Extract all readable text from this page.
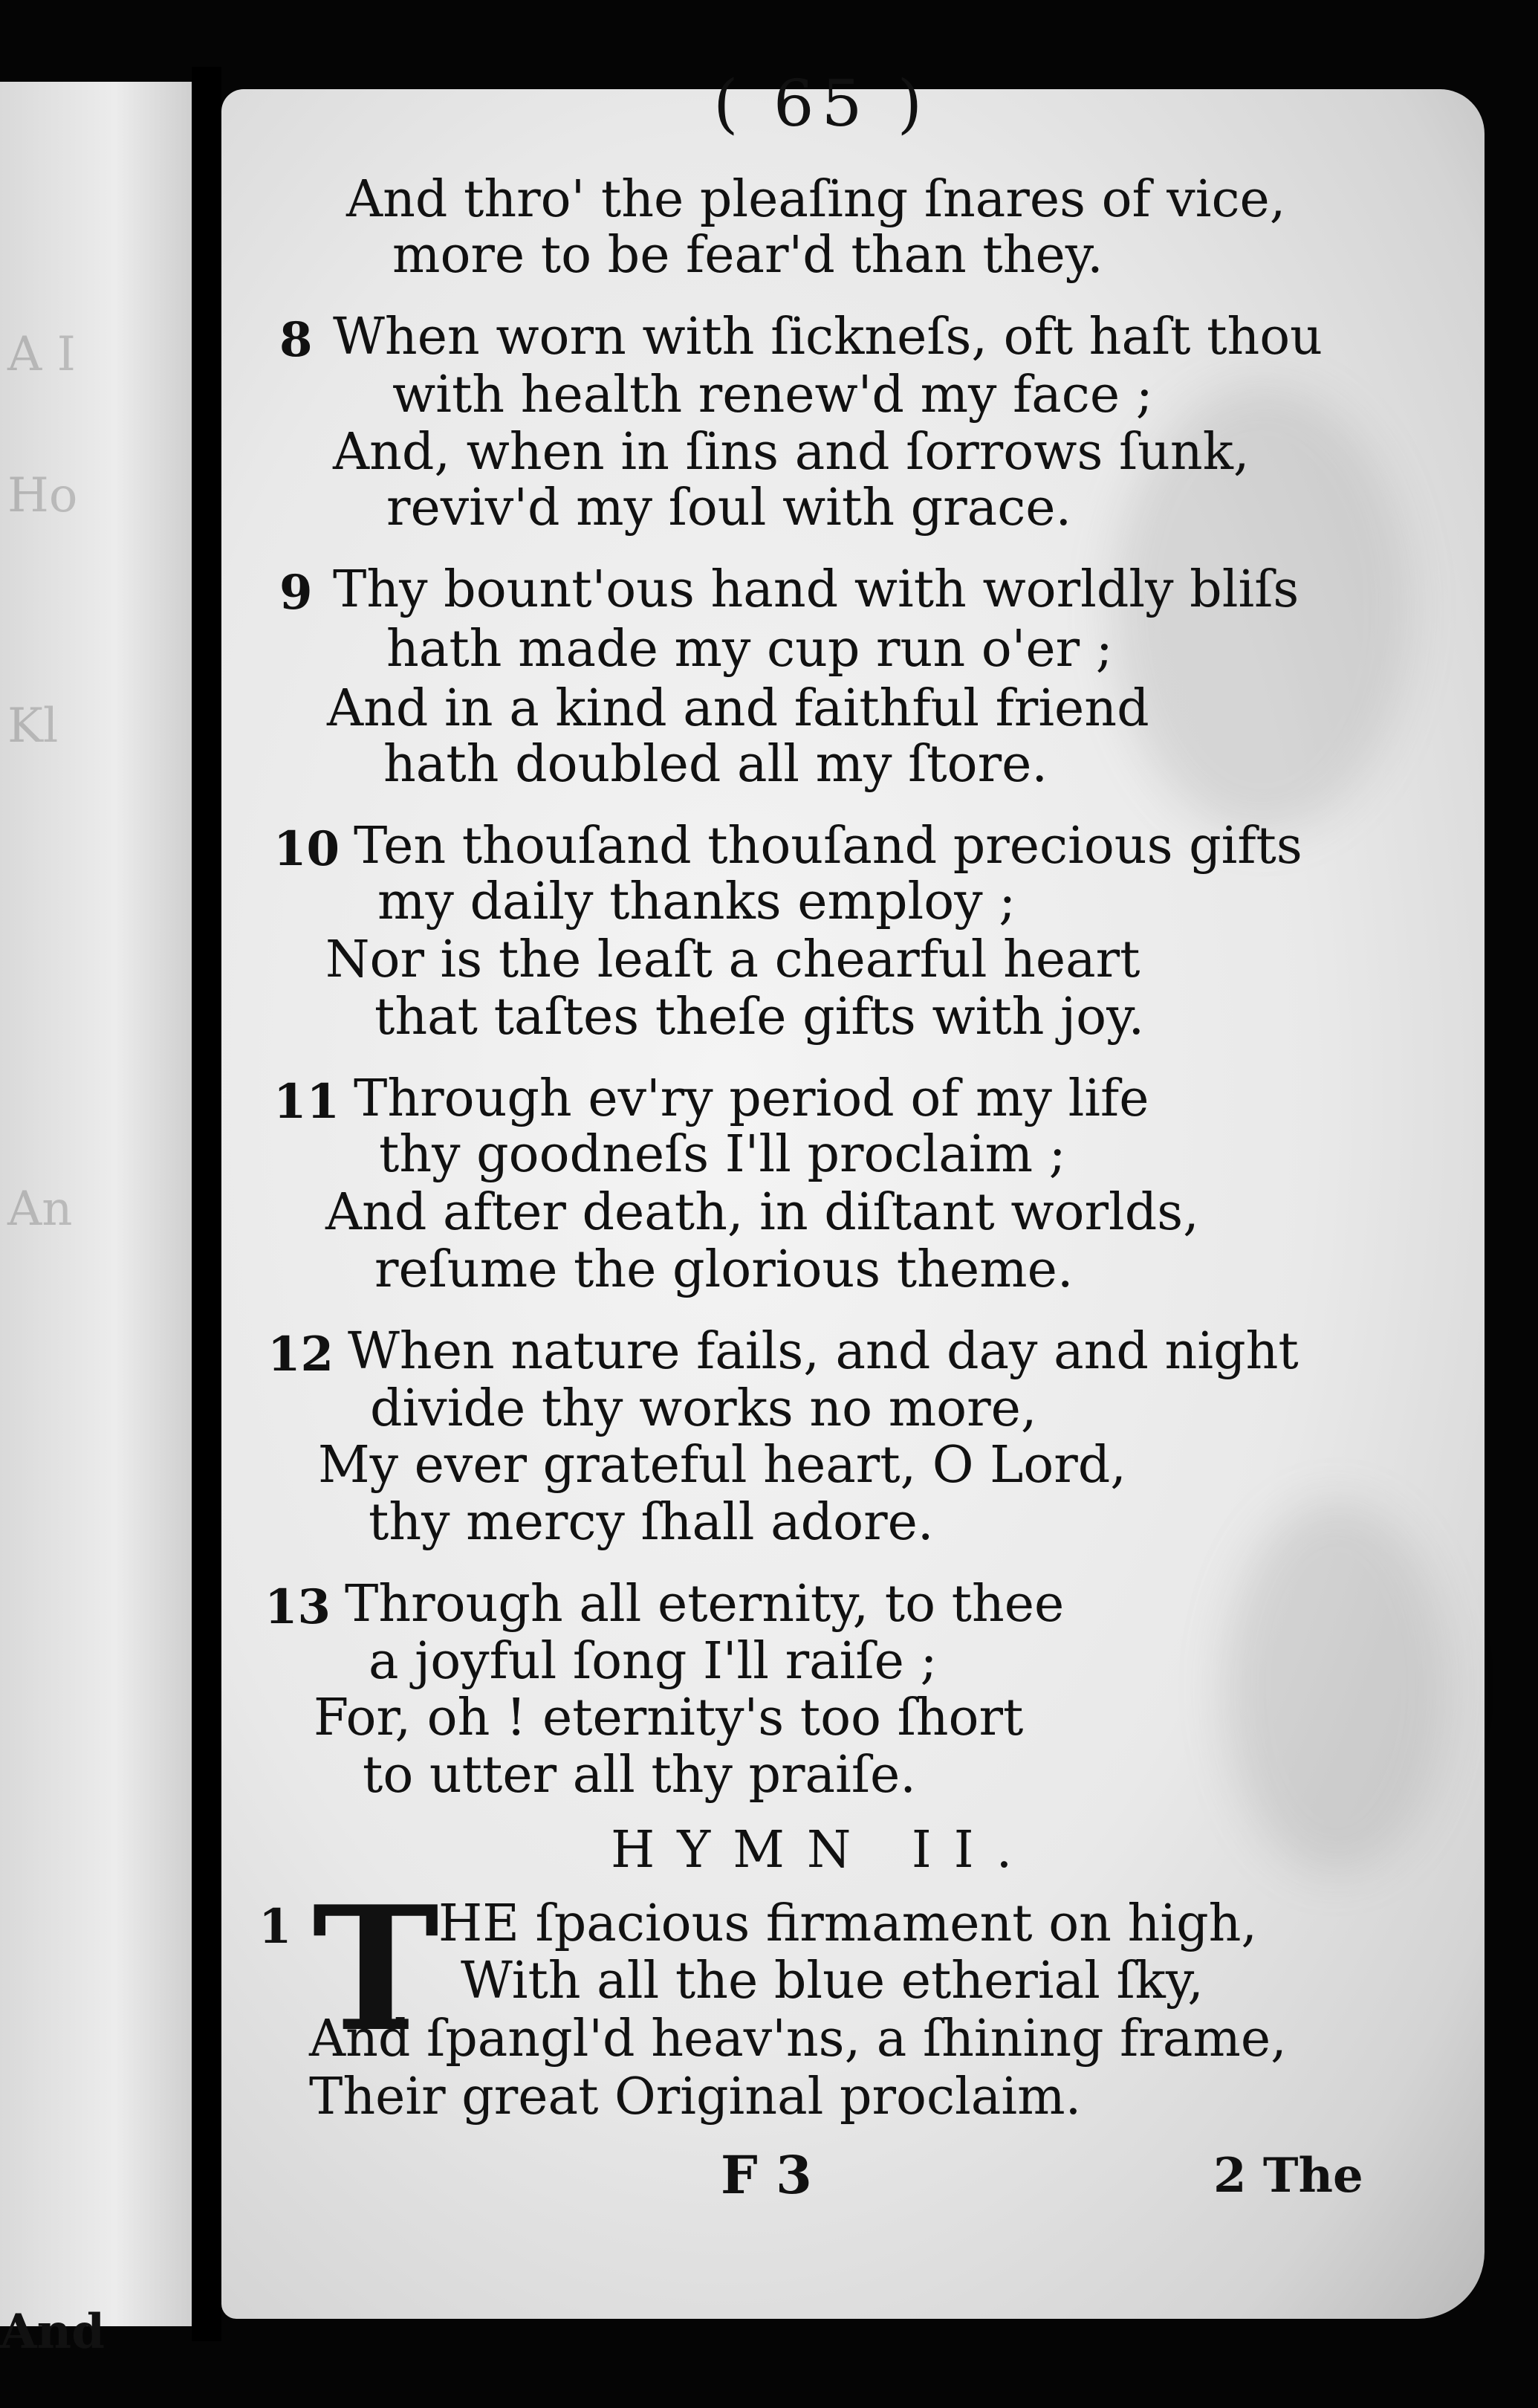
A I
Ho
Kl
An
And
( 65 )
And thro' the pleaſing ſnares of vice,
more to be fear'd than they.
8 When worn with ſickneſs, oft haſt thou
with health renew'd my face ;
And, when in ſins and ſorrows ſunk,
reviv'd my ſoul with grace.
9 Thy bount'ous hand with worldly bliſs
hath made my cup run o'er ;
And in a kind and faithful friend
hath doubled all my ſtore.
10 Ten thouſand thouſand precious gifts
my daily thanks employ ;
Nor is the leaſt a chearful heart
that taſtes theſe gifts with joy.
11 Through ev'ry period of my life
thy goodneſs I'll proclaim ;
And after death, in diſtant worlds,
reſume the glorious theme.
12 When nature fails, and day and night
divide thy works no more,
My ever grateful heart, O Lord,
thy mercy ſhall adore.
13 Through all eternity, to thee
a joyful ſong I'll raiſe ;
For, oh ! eternity's too ſhort
to utter all thy praiſe.
HYMN II.
1 T
HE ſpacious firmament on high,
With all the blue etherial ſky,
And ſpangl'd heav'ns, a ſhining frame,
Their great Original proclaim.
F 3	2 The
